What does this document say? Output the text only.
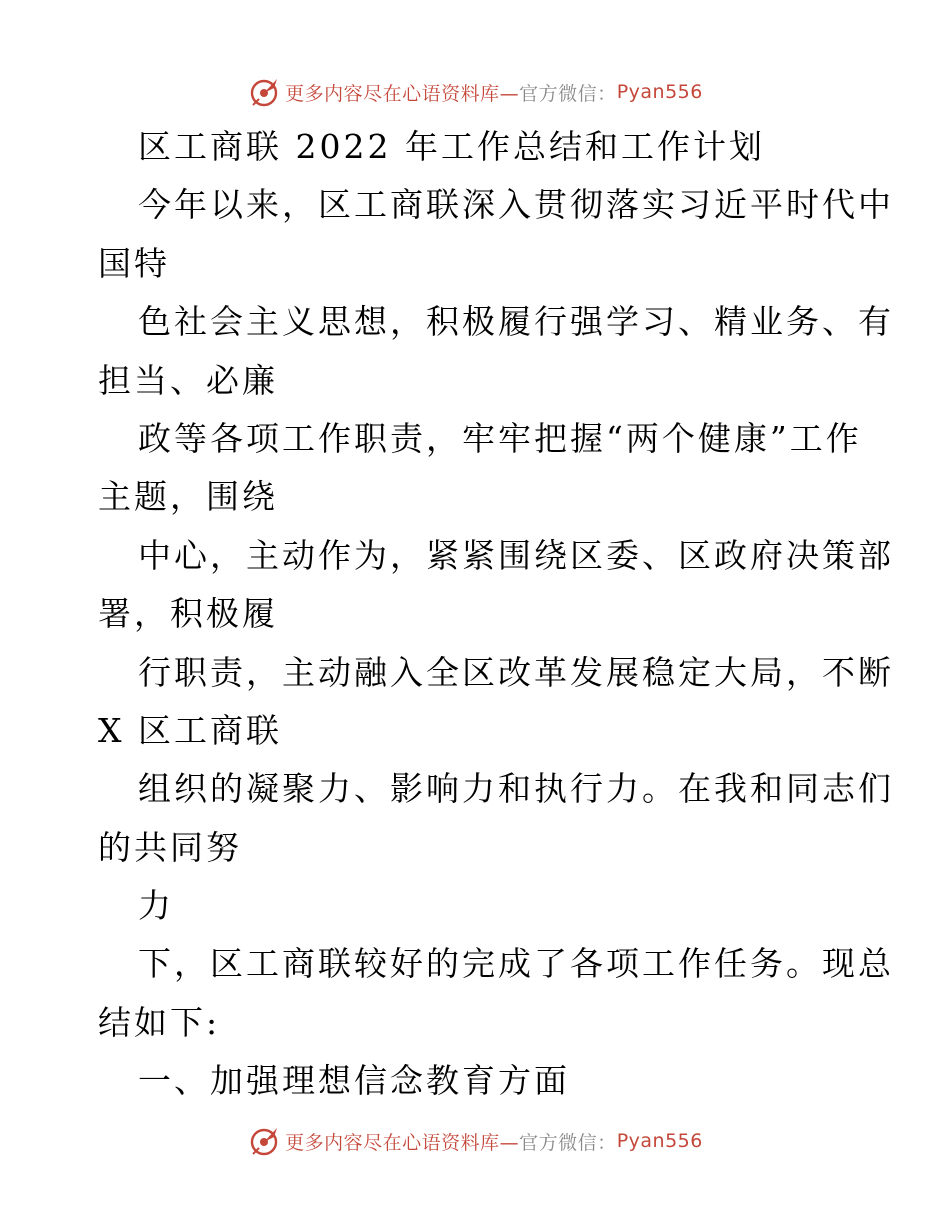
更多内容尽在心语资料库— 官方微信： Pyan556
区工商联 2022 年工作总结和工作计划
今年以来，区工商联深入贯彻落实习近平时代中
国特
色社会主义思想，积极履行强学习、精业务、有
担当、必廉
政等各项工作职责，牢牢把握“两个健康”工作
主题，围绕
中心，主动作为，紧紧围绕区委、区政府决策部
署，积极履
行职责，主动融入全区改革发展稳定大局，不断
X 区工商联
组织的凝聚力、影响力和执行力。在我和同志们
的共同努
力
下，区工商联较好的完成了各项工作任务。现总
结如下:
一、加强理想信念教育方面
更多内容尽在心语资料库— 官方微信： Pyan556
